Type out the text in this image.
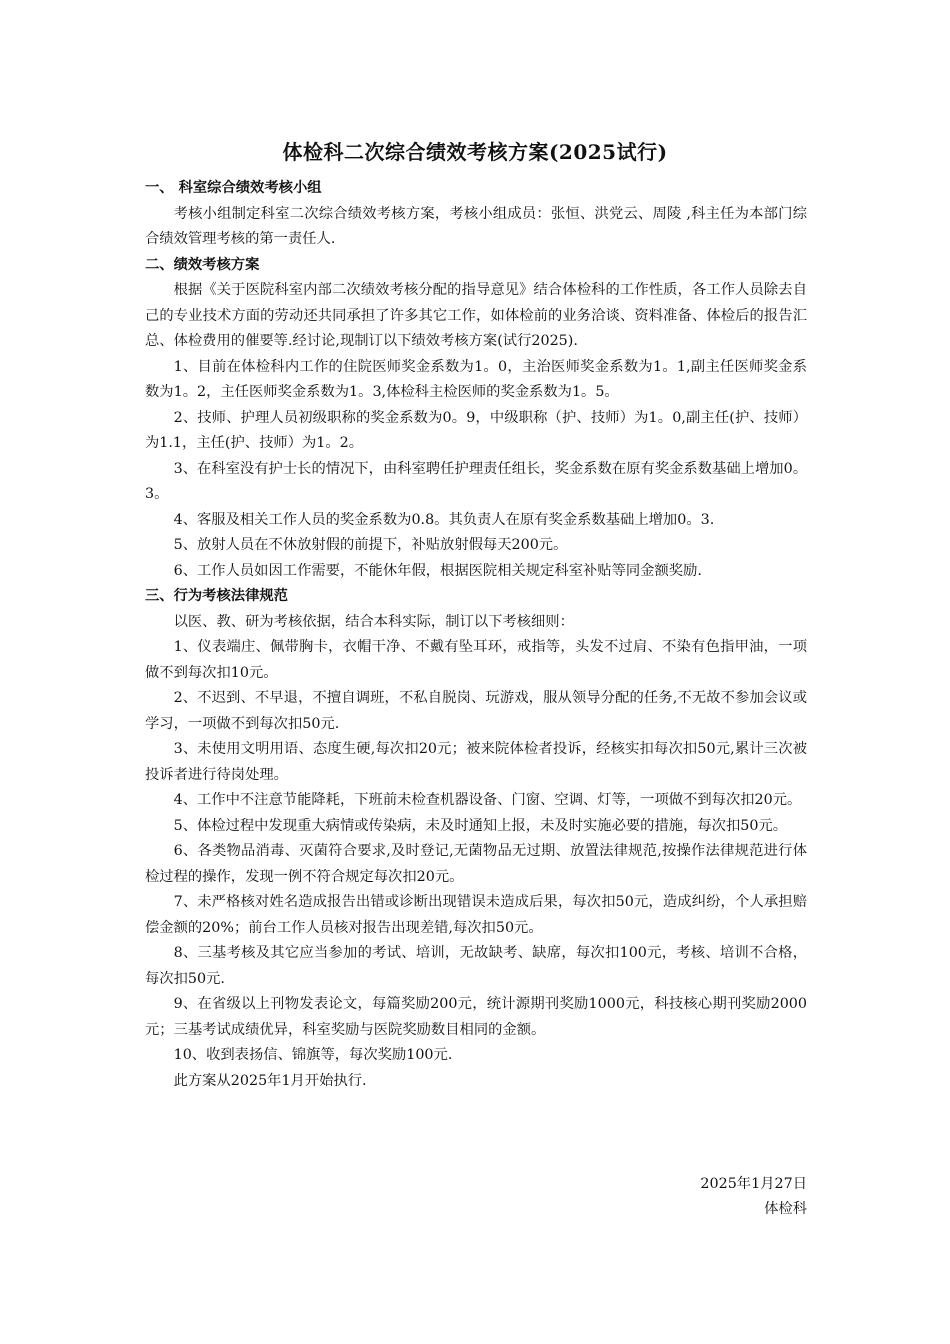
体检科二次综合绩效考核方案(2025试行)

一、 科室综合绩效考核小组

考核小组制定科室二次综合绩效考核方案，考核小组成员：张恒、洪党云、周陵 ,科主任为本部门综合绩效管理考核的第一责任人.

二、绩效考核方案

根据《关于医院科室内部二次绩效考核分配的指导意见》结合体检科的工作性质，各工作人员除去自己的专业技术方面的劳动还共同承担了许多其它工作，如体检前的业务洽谈、资料准备、体检后的报告汇总、体检费用的催要等.经讨论,现制订以下绩效考核方案(试行2025).

1、目前在体检科内工作的住院医师奖金系数为1。0，主治医师奖金系数为1。1,副主任医师奖金系数为1。2，主任医师奖金系数为1。3,体检科主检医师的奖金系数为1。5。

2、技师、护理人员初级职称的奖金系数为0。9，中级职称（护、技师）为1。0,副主任(护、技师）为1.1，主任(护、技师）为1。2。

3、在科室没有护士长的情况下，由科室聘任护理责任组长，奖金系数在原有奖金系数基础上增加0。3。

4、客服及相关工作人员的奖金系数为0.8。其负责人在原有奖金系数基础上增加0。3.

5、放射人员在不休放射假的前提下，补贴放射假每天200元。

6、工作人员如因工作需要，不能休年假，根据医院相关规定科室补贴等同金额奖励.

三、行为考核法律规范

以医、教、研为考核依据，结合本科实际，制订以下考核细则：

1、仪表端庄、佩带胸卡，衣帽干净、不戴有坠耳环，戒指等，头发不过肩、不染有色指甲油，一项做不到每次扣10元。

2、不迟到、不早退，不擅自调班，不私自脱岗、玩游戏，服从领导分配的任务,不无故不参加会议或学习，一项做不到每次扣50元.

3、未使用文明用语、态度生硬,每次扣20元；被来院体检者投诉，经核实扣每次扣50元,累计三次被投诉者进行待岗处理。

4、工作中不注意节能降耗，下班前未检查机器设备、门窗、空调、灯等，一项做不到每次扣20元。

5、体检过程中发现重大病情或传染病，未及时通知上报，未及时实施必要的措施，每次扣50元。

6、各类物品消毒、灭菌符合要求,及时登记,无菌物品无过期、放置法律规范,按操作法律规范进行体检过程的操作，发现一例不符合规定每次扣20元。

7、未严格核对姓名造成报告出错或诊断出现错误未造成后果，每次扣50元，造成纠纷，个人承担赔偿金额的20%；前台工作人员核对报告出现差错,每次扣50元。

8、三基考核及其它应当参加的考试、培训，无故缺考、缺席，每次扣100元，考核、培训不合格，每次扣50元.

9、在省级以上刊物发表论文，每篇奖励200元，统计源期刊奖励1000元，科技核心期刊奖励2000元；三基考试成绩优异，科室奖励与医院奖励数目相同的金额。

10、收到表扬信、锦旗等，每次奖励100元.

此方案从2025年1月开始执行.

2025年1月27日
体检科
